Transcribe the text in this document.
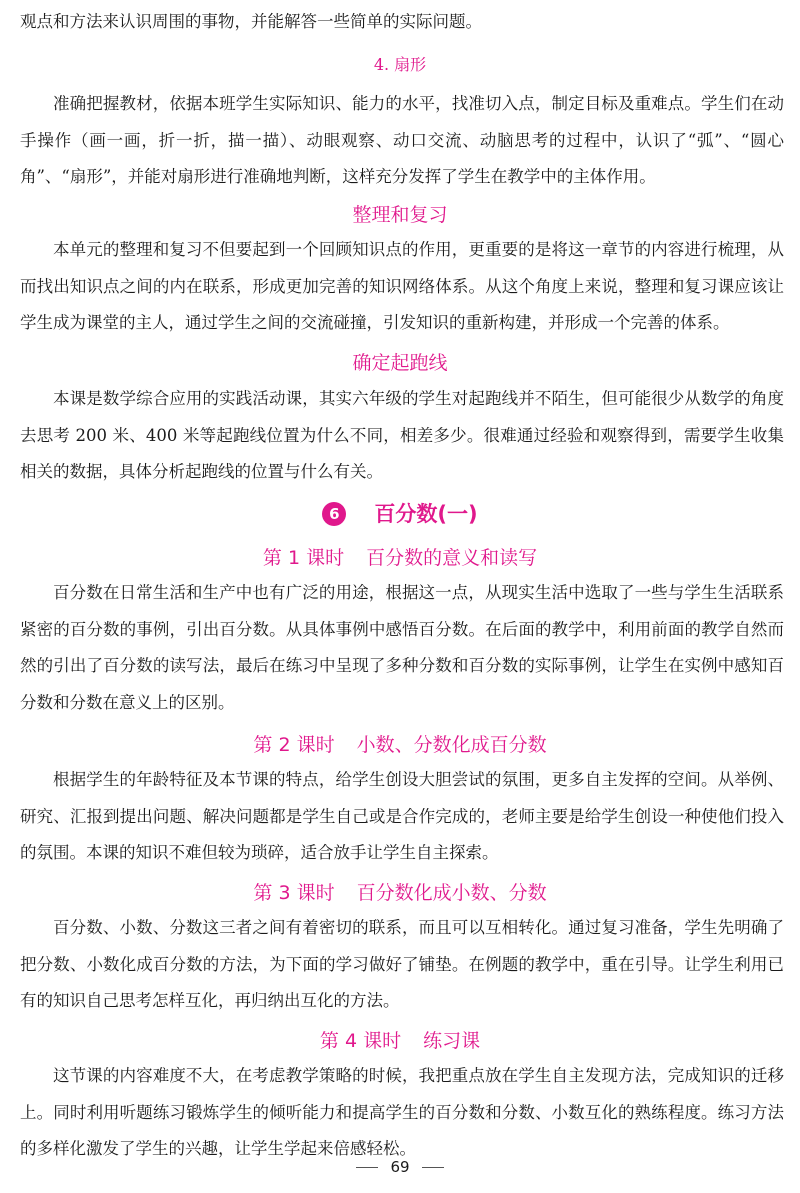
观点和方法来认识周围的事物，并能解答一些简单的实际问题。

4. 扇形

准确把握教材，依据本班学生实际知识、能力的水平，找准切入点，制定目标及重难点。学生们在动手操作（画一画，折一折，描一描）、动眼观察、动口交流、动脑思考的过程中，认识了“弧”、“圆心角”、“扇形”，并能对扇形进行准确地判断，这样充分发挥了学生在教学中的主体作用。

整理和复习

本单元的整理和复习不但要起到一个回顾知识点的作用，更重要的是将这一章节的内容进行梳理，从而找出知识点之间的内在联系，形成更加完善的知识网络体系。从这个角度上来说，整理和复习课应该让学生成为课堂的主人，通过学生之间的交流碰撞，引发知识的重新构建，并形成一个完善的体系。

确定起跑线

本课是数学综合应用的实践活动课，其实六年级的学生对起跑线并不陌生，但可能很少从数学的角度去思考 200 米、400 米等起跑线位置为什么不同，相差多少。很难通过经验和观察得到，需要学生收集相关的数据，具体分析起跑线的位置与什么有关。

6 百分数(一)
第 1 课时 百分数的意义和读写

百分数在日常生活和生产中也有广泛的用途，根据这一点，从现实生活中选取了一些与学生生活联系紧密的百分数的事例，引出百分数。从具体事例中感悟百分数。在后面的教学中，利用前面的教学自然而然的引出了百分数的读写法，最后在练习中呈现了多种分数和百分数的实际事例，让学生在实例中感知百分数和分数在意义上的区别。

第 2 课时 小数、分数化成百分数

根据学生的年龄特征及本节课的特点，给学生创设大胆尝试的氛围，更多自主发挥的空间。从举例、研究、汇报到提出问题、解决问题都是学生自己或是合作完成的，老师主要是给学生创设一种使他们投入的氛围。本课的知识不难但较为琐碎，适合放手让学生自主探索。

第 3 课时 百分数化成小数、分数

百分数、小数、分数这三者之间有着密切的联系，而且可以互相转化。通过复习准备，学生先明确了把分数、小数化成百分数的方法，为下面的学习做好了铺垫。在例题的教学中，重在引导。让学生利用已有的知识自己思考怎样互化，再归纳出互化的方法。

第 4 课时 练习课

这节课的内容难度不大，在考虑教学策略的时候，我把重点放在学生自主发现方法，完成知识的迁移上。同时利用听题练习锻炼学生的倾听能力和提高学生的百分数和分数、小数互化的熟练程度。练习方法的多样化激发了学生的兴趣，让学生学起来倍感轻松。

69
